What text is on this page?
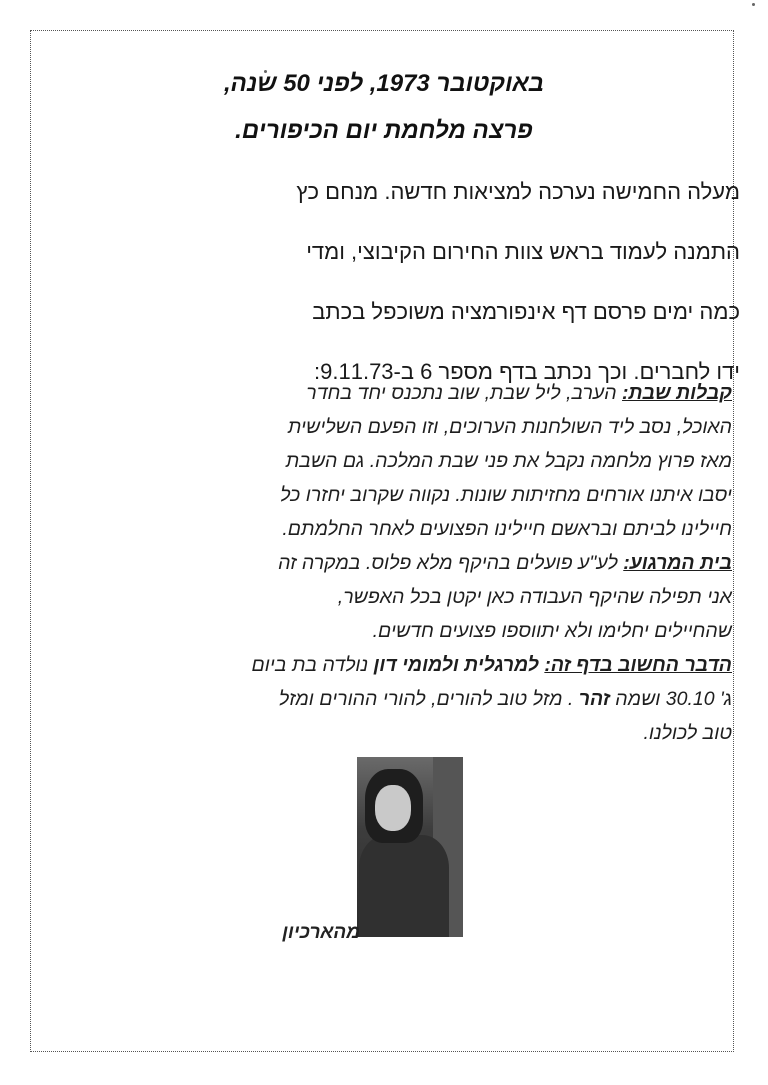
באוקטובר 1973, לפני 50 שנה,
פרצה מלחמת יום הכיפורים.
מעלה החמישה נערכה למציאות חדשה. מנחם כץ
התמנה לעמוד בראש צוות החירום הקיבוצי, ומדי
כמה ימים פרסם דף אינפורמציה משוכפל בכתב
ידו לחברים. וכך נכתב בדף מספר 6 ב-9.11.73:
קבלות שבת: הערב, ליל שבת, שוב נתכנס יחד בחדר
האוכל, נסב ליד השולחנות הערוכים, וזו הפעם השלישית
מאז פרוץ מלחמה נקבל את פני שבת המלכה. גם השבת
יסבו איתנו אורחים מחזיתות שונות. נקווה שקרוב יחזרו כל
חיילינו לביתם ובראשם חיילינו הפצועים לאחר החלמתם.
בית המרגוע: לע"ע פועלים בהיקף מלא פלוס. במקרה זה
אני תפילה שהיקף העבודה כאן יקטן בכל האפשר,
שהחיילים יחלימו ולא יתווספו פצועים חדשים.
הדבר החשוב בדף זה: למרגלית ולמומי דון נולדה בת ביום
ג' 30.10 ושמה זהר . מזל טוב להורים, להורי ההורים ומזל
טוב לכולנו.
מהארכיון
